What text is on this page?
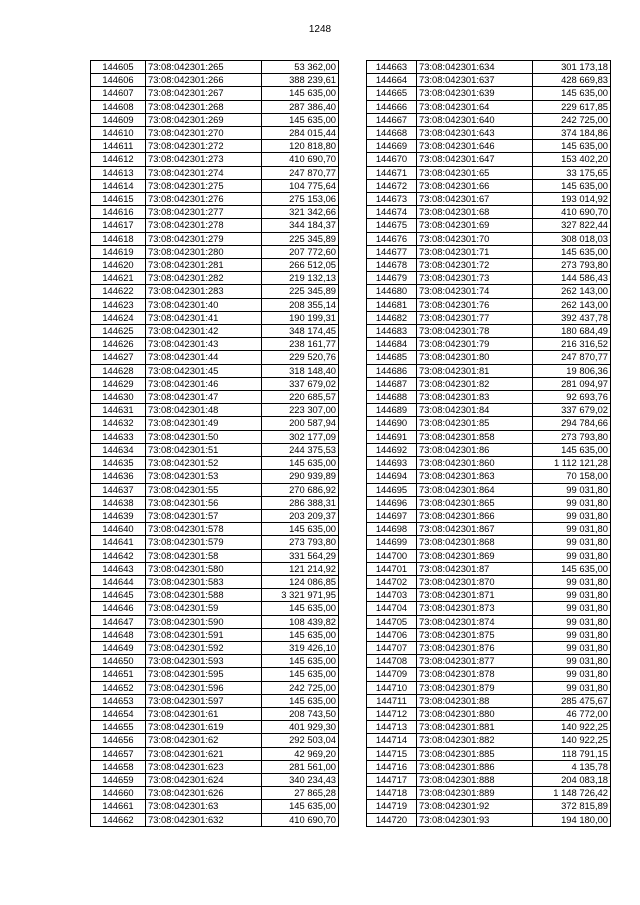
1248
144605	73:08:042301:265	53 362,00
144606	73:08:042301:266	388 239,61
144607	73:08:042301:267	145 635,00
144608	73:08:042301:268	287 386,40
144609	73:08:042301:269	145 635,00
144610	73:08:042301:270	284 015,44
144611	73:08:042301:272	120 818,80
144612	73:08:042301:273	410 690,70
144613	73:08:042301:274	247 870,77
144614	73:08:042301:275	104 775,64
144615	73:08:042301:276	275 153,06
144616	73:08:042301:277	321 342,66
144617	73:08:042301:278	344 184,37
144618	73:08:042301:279	225 345,89
144619	73:08:042301:280	207 772,60
144620	73:08:042301:281	266 512,05
144621	73:08:042301:282	219 132,13
144622	73:08:042301:283	225 345,89
144623	73:08:042301:40	208 355,14
144624	73:08:042301:41	190 199,31
144625	73:08:042301:42	348 174,45
144626	73:08:042301:43	238 161,77
144627	73:08:042301:44	229 520,76
144628	73:08:042301:45	318 148,40
144629	73:08:042301:46	337 679,02
144630	73:08:042301:47	220 685,57
144631	73:08:042301:48	223 307,00
144632	73:08:042301:49	200 587,94
144633	73:08:042301:50	302 177,09
144634	73:08:042301:51	244 375,53
144635	73:08:042301:52	145 635,00
144636	73:08:042301:53	290 939,89
144637	73:08:042301:55	270 686,92
144638	73:08:042301:56	286 388,31
144639	73:08:042301:57	203 209,37
144640	73:08:042301:578	145 635,00
144641	73:08:042301:579	273 793,80
144642	73:08:042301:58	331 564,29
144643	73:08:042301:580	121 214,92
144644	73:08:042301:583	124 086,85
144645	73:08:042301:588	3 321 971,95
144646	73:08:042301:59	145 635,00
144647	73:08:042301:590	108 439,82
144648	73:08:042301:591	145 635,00
144649	73:08:042301:592	319 426,10
144650	73:08:042301:593	145 635,00
144651	73:08:042301:595	145 635,00
144652	73:08:042301:596	242 725,00
144653	73:08:042301:597	145 635,00
144654	73:08:042301:61	208 743,50
144655	73:08:042301:619	401 929,30
144656	73:08:042301:62	292 503,04
144657	73:08:042301:621	42 969,20
144658	73:08:042301:623	281 561,00
144659	73:08:042301:624	340 234,43
144660	73:08:042301:626	27 865,28
144661	73:08:042301:63	145 635,00
144662	73:08:042301:632	410 690,70
144663	73:08:042301:634	301 173,18
144664	73:08:042301:637	428 669,83
144665	73:08:042301:639	145 635,00
144666	73:08:042301:64	229 617,85
144667	73:08:042301:640	242 725,00
144668	73:08:042301:643	374 184,86
144669	73:08:042301:646	145 635,00
144670	73:08:042301:647	153 402,20
144671	73:08:042301:65	33 175,65
144672	73:08:042301:66	145 635,00
144673	73:08:042301:67	193 014,92
144674	73:08:042301:68	410 690,70
144675	73:08:042301:69	327 822,44
144676	73:08:042301:70	308 018,03
144677	73:08:042301:71	145 635,00
144678	73:08:042301:72	273 793,80
144679	73:08:042301:73	144 586,43
144680	73:08:042301:74	262 143,00
144681	73:08:042301:76	262 143,00
144682	73:08:042301:77	392 437,78
144683	73:08:042301:78	180 684,49
144684	73:08:042301:79	216 316,52
144685	73:08:042301:80	247 870,77
144686	73:08:042301:81	19 806,36
144687	73:08:042301:82	281 094,97
144688	73:08:042301:83	92 693,76
144689	73:08:042301:84	337 679,02
144690	73:08:042301:85	294 784,66
144691	73:08:042301:858	273 793,80
144692	73:08:042301:86	145 635,00
144693	73:08:042301:860	1 112 121,28
144694	73:08:042301:863	70 158,00
144695	73:08:042301:864	99 031,80
144696	73:08:042301:865	99 031,80
144697	73:08:042301:866	99 031,80
144698	73:08:042301:867	99 031,80
144699	73:08:042301:868	99 031,80
144700	73:08:042301:869	99 031,80
144701	73:08:042301:87	145 635,00
144702	73:08:042301:870	99 031,80
144703	73:08:042301:871	99 031,80
144704	73:08:042301:873	99 031,80
144705	73:08:042301:874	99 031,80
144706	73:08:042301:875	99 031,80
144707	73:08:042301:876	99 031,80
144708	73:08:042301:877	99 031,80
144709	73:08:042301:878	99 031,80
144710	73:08:042301:879	99 031,80
144711	73:08:042301:88	285 475,67
144712	73:08:042301:880	46 772,00
144713	73:08:042301:881	140 922,25
144714	73:08:042301:882	140 922,25
144715	73:08:042301:885	118 791,15
144716	73:08:042301:886	4 135,78
144717	73:08:042301:888	204 083,18
144718	73:08:042301:889	1 148 726,42
144719	73:08:042301:92	372 815,89
144720	73:08:042301:93	194 180,00
